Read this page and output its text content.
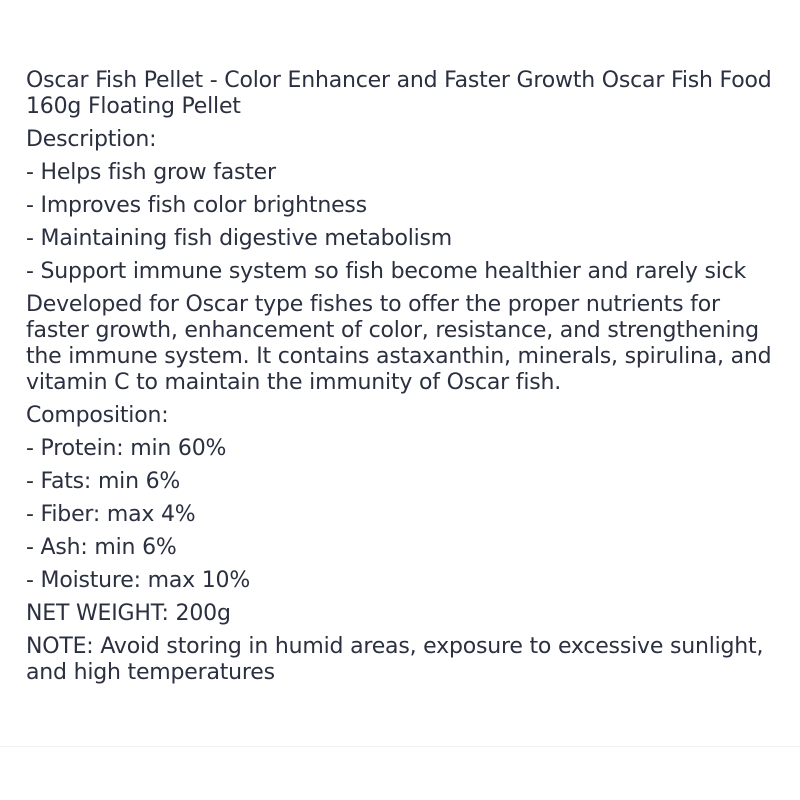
Oscar Fish Pellet - Color Enhancer and Faster Growth Oscar Fish Food 160g Floating Pellet
Description:
- Helps fish grow faster
- Improves fish color brightness
- Maintaining fish digestive metabolism
- Support immune system so fish become healthier and rarely sick
Developed for Oscar type fishes to offer the proper nutrients for faster growth, enhancement of color, resistance, and strengthening the immune system. It contains astaxanthin, minerals, spirulina, and vitamin C to maintain the immunity of Oscar fish.
Composition:
- Protein: min 60%
- Fats: min 6%
- Fiber: max 4%
- Ash: min 6%
- Moisture: max 10%
NET WEIGHT: 200g
NOTE: Avoid storing in humid areas, exposure to excessive sunlight, and high temperatures
